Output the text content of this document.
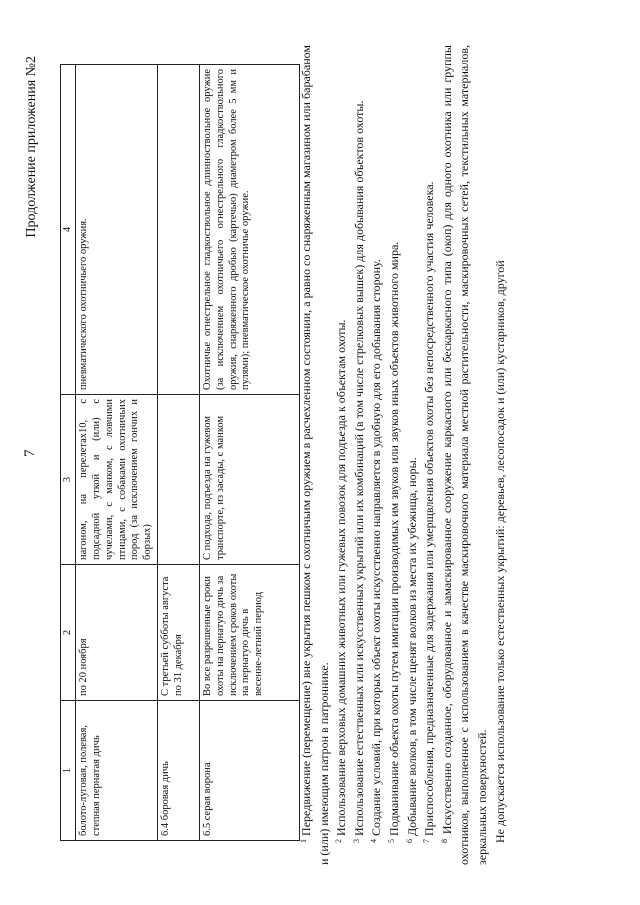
7
Продолжение приложения №2
1	2	3	4
болото-луговая, полевая, степная пернатая дичь	по 20 ноября	нагоном, на перелетах10, с подсадной уткой и (или) с чучелами, с манком, с ловчими птицами, с собаками охотничьих пород (за исключением гончих и борзых)	пневматического охотничьего оружия.
6.4 боровая дичь	С третьей субботы августа по 31 декабря		
6.5 серая ворона	Во все разрешенные сроки охоты на пернатую дичь за исключением сроков охоты на пернатую дичь в весенне-летний период	С подхода, подъезда на гужевом транспорте, из засады, с манком	Охотничье огнестрельное гладкоствольное длинноствольное оружие (за исключением охотничьего огнестрельного гладкоствольного оружия, снаряженного дробью (картечью) диаметром более 5 мм и пулями); пневматическое охотничье оружие.

$^1$ Передвижение (перемещение) вне укрытия пешком с охотничьим оружием в расчехленном состоянии, а равно со снаряженным магазином или барабаном и (или) имеющим патрон в патроннике. $^2$ Использование верховых домашних животных или гужевых повозок для подъезда к объектам охоты.

$^3$ Использование естественных или искусственных укрытий или их комбинаций (в том числе стрелковых вышек) для добывания объектов охоты.

$^4$ Создание условий, при которых объект охоты искусственно направляется в удобную для его добывания сторону.

$^5$ Подманивание объекта охоты путем имитации производимых им звуков или звуков иных объектов животного мира.

$^6$ Добывание волков, в том числе щенят волков из места их убежища, норы.

$^7$ Приспособления, предназначенные для задержания или умерщвления объектов охоты без непосредственного участия человека.

$^8$ Искусственно созданное, оборудованное и замаскированное сооружение каркасного или бескаркасного типа (окоп) для одного охотника или группы охотников, выполненное с использованием в качестве маскировочного материала местной растительности, маскировочных сетей, текстильных материалов, зеркальных поверхностей. Не допускается использование только естественных укрытий: деревьев, лесопосадок и (или) кустарников, другой
